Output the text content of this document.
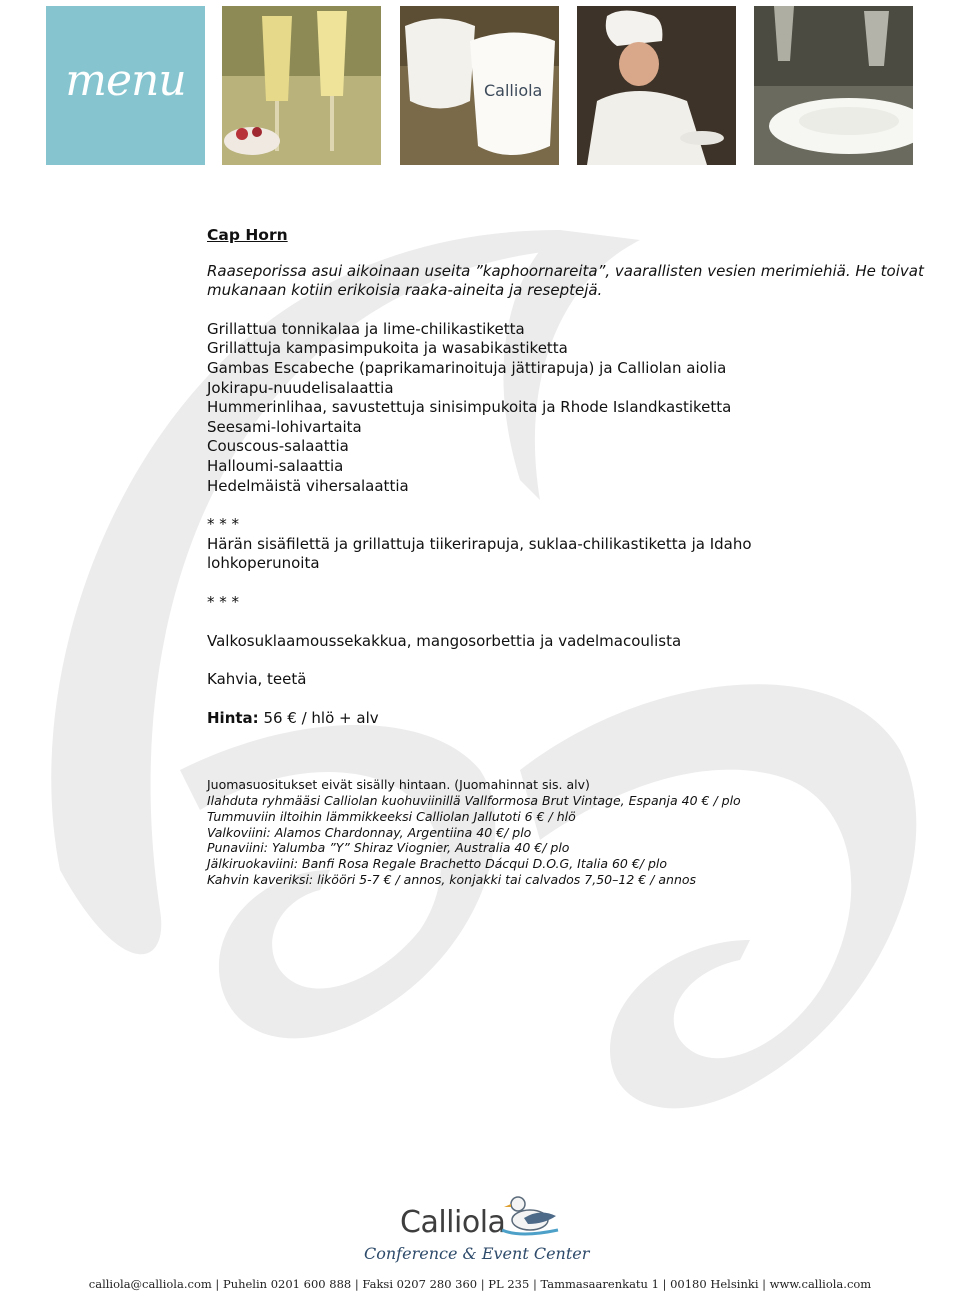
menu	Calliola
Cap Horn
Raaseporissa asui aikoinaan useita ”kaphoornareita”, vaarallisten vesien merimiehiä. He toivat mukanaan kotiin erikoisia raaka-aineita ja reseptejä.
Grillattua tonnikalaa ja lime-chilikastiketta
Grillattuja kampasimpukoita ja wasabikastiketta
Gambas Escabeche (paprikamarinoituja jättirapuja) ja Calliolan aiolia
Jokirapu-nuudelisalaattia
Hummerinlihaa, savustettuja sinisimpukoita ja Rhode Islandkastiketta
Seesami-lohivartaita
Couscous-salaattia
Halloumi-salaattia
Hedelmäistä vihersalaattia
* * *
Härän sisäfilettä ja grillattuja tiikerirapuja, suklaa-chilikastiketta ja Idaho lohkoperunoita
* * *
Valkosuklaamoussekakkua, mangosorbettia ja vadelmacoulista
Kahvia, teetä
Hinta: 56 € / hlö + alv
Juomasuositukset eivät sisälly hintaan. (Juomahinnat sis. alv)
Ilahduta ryhmääsi Calliolan kuohuviinillä Vallformosa Brut Vintage, Espanja 40 € / plo
Tummuviin iltoihin lämmikkeeksi Calliolan Jallutoti 6 € / hlö
Valkoviini: Alamos Chardonnay, Argentiina 40 €/ plo
Punaviini: Yalumba ”Y” Shiraz Viognier, Australia 40 €/ plo
Jälkiruokaviini: Banfi Rosa Regale Brachetto Dácqui D.O.G, Italia 60 €/ plo
Kahvin kaveriksi: likööri 5-7 € / annos, konjakki tai calvados 7,50–12 € / annos
Calliola
Conference & Event Center
calliola@calliola.com | Puhelin 0201 600 888 | Faksi 0207 280 360 | PL 235 | Tammasaarenkatu 1 | 00180 Helsinki | www.calliola.com
